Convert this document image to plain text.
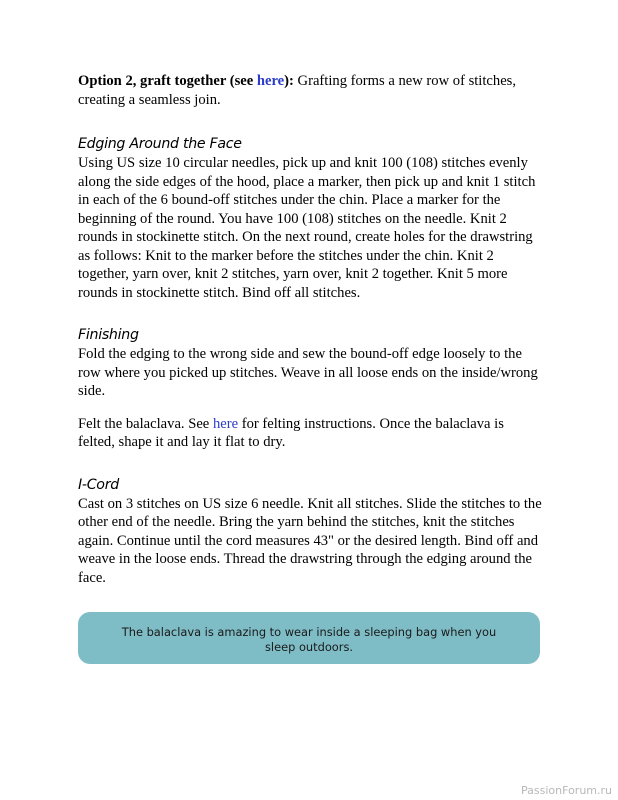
Option 2, graft together (see here): Grafting forms a new row of stitches, creating a seamless join.

Edging Around the Face

Using US size 10 circular needles, pick up and knit 100 (108) stitches evenly along the side edges of the hood, place a marker, then pick up and knit 1 stitch in each of the 6 bound-off stitches under the chin. Place a marker for the beginning of the round. You have 100 (108) stitches on the needle. Knit 2 rounds in stockinette stitch. On the next round, create holes for the drawstring as follows: Knit to the marker before the stitches under the chin. Knit 2 together, yarn over, knit 2 stitches, yarn over, knit 2 together. Knit 5 more rounds in stockinette stitch. Bind off all stitches.

Finishing

Fold the edging to the wrong side and sew the bound-off edge loosely to the row where you picked up stitches. Weave in all loose ends on the inside/wrong side.

Felt the balaclava. See here for felting instructions. Once the balaclava is felted, shape it and lay it flat to dry.

I-Cord

Cast on 3 stitches on US size 6 needle. Knit all stitches. Slide the stitches to the other end of the needle. Bring the yarn behind the stitches, knit the stitches again. Continue until the cord measures 43" or the desired length. Bind off and weave in the loose ends. Thread the drawstring through the edging around the face.

The balaclava is amazing to wear inside a sleeping bag when you sleep outdoors.
PassionForum.ru
